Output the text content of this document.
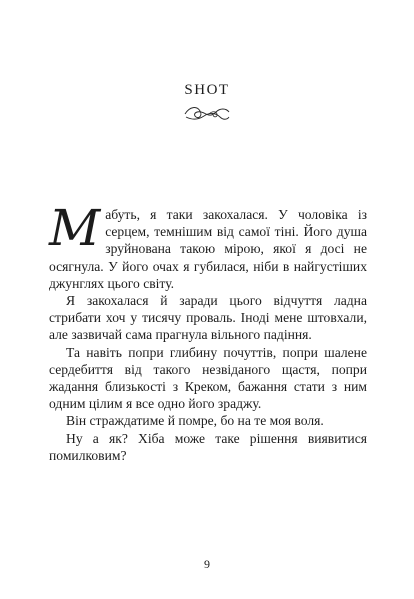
SHOT

Мабуть, я таки закохалася. У чоловіка із серцем, темнішим від самої тіні. Його душа зруйнована такою мірою, якої я досі не осягнула. У його очах я губилася, ніби в найгустіших джунглях цього світу.

Я закохалася й заради цього відчуття ладна стрибати хоч у тисячу проваль. Іноді мене штовхали, але зазвичай сама прагнула вільного падіння.

Та навіть попри глибину почуттів, попри шалене сердебиття від такого незвіданого щастя, попри жадання близькості з Креком, бажання стати з ним одним цілим я все одно його зраджу.

Він страждатиме й помре, бо на те моя воля.

Ну а як? Хіба може таке рішення виявитися помилковим?

9
